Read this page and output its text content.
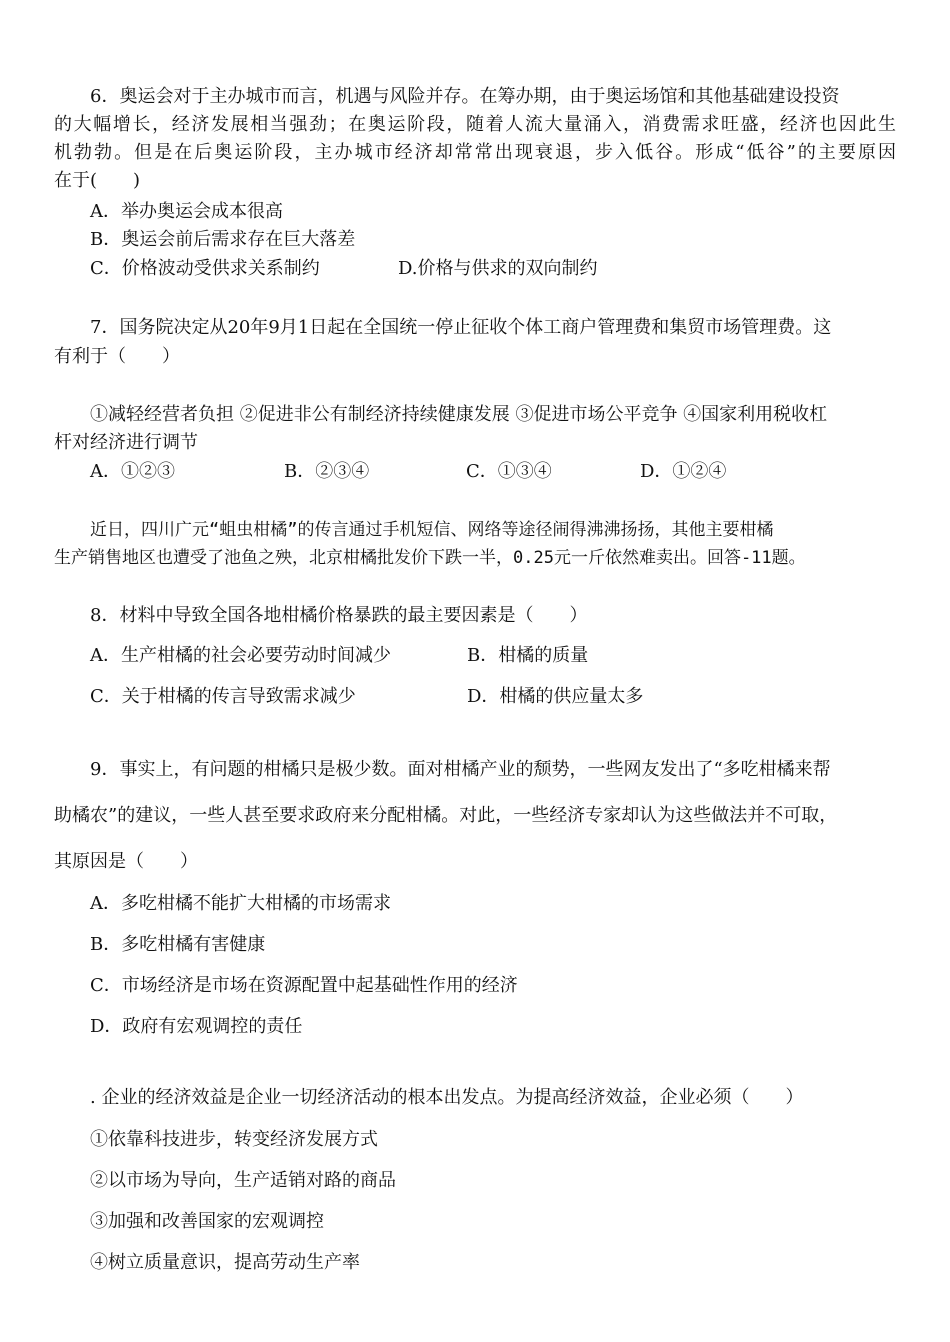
6．奥运会对于主办城市而言，机遇与风险并存。在筹办期，由于奥运场馆和其他基础建设投资
的大幅增长，经济发展相当强劲；在奥运阶段，随着人流大量涌入，消费需求旺盛，经济也因此生
机勃勃。但是在后奥运阶段，主办城市经济却常常出现衰退，步入低谷。形成“低谷”的主要原因
在于(　　)
A．举办奥运会成本很高
B．奥运会前后需求存在巨大落差
C．价格波动受供求关系制约	D.价格与供求的双向制约
7．国务院决定从20年9月1日起在全国统一停止征收个体工商户管理费和集贸市场管理费。这
有利于（　　）
①减轻经营者负担 ②促进非公有制经济持续健康发展 ③促进市场公平竞争 ④国家利用税收杠
杆对经济进行调节
A．①②③	B．②③④	C．①③④	D．①②④
近日，四川广元“蛆虫柑橘”的传言通过手机短信、网络等途径闹得沸沸扬扬，其他主要柑橘
生产销售地区也遭受了池鱼之殃，北京柑橘批发价下跌一半，0.25元一斤依然难卖出。回答-11题。
8．材料中导致全国各地柑橘价格暴跌的最主要因素是（　　）
A．生产柑橘的社会必要劳动时间减少	B．柑橘的质量
C．关于柑橘的传言导致需求减少	D．柑橘的供应量太多
9．事实上，有问题的柑橘只是极少数。面对柑橘产业的颓势，一些网友发出了“多吃柑橘来帮
助橘农”的建议，一些人甚至要求政府来分配柑橘。对此，一些经济专家却认为这些做法并不可取，
其原因是（　　）
A．多吃柑橘不能扩大柑橘的市场需求
B．多吃柑橘有害健康
C．市场经济是市场在资源配置中起基础性作用的经济
D．政府有宏观调控的责任
. 企业的经济效益是企业一切经济活动的根本出发点。为提高经济效益，企业必须（　　）
①依靠科技进步，转变经济发展方式
②以市场为导向，生产适销对路的商品
③加强和改善国家的宏观调控
④树立质量意识，提高劳动生产率
